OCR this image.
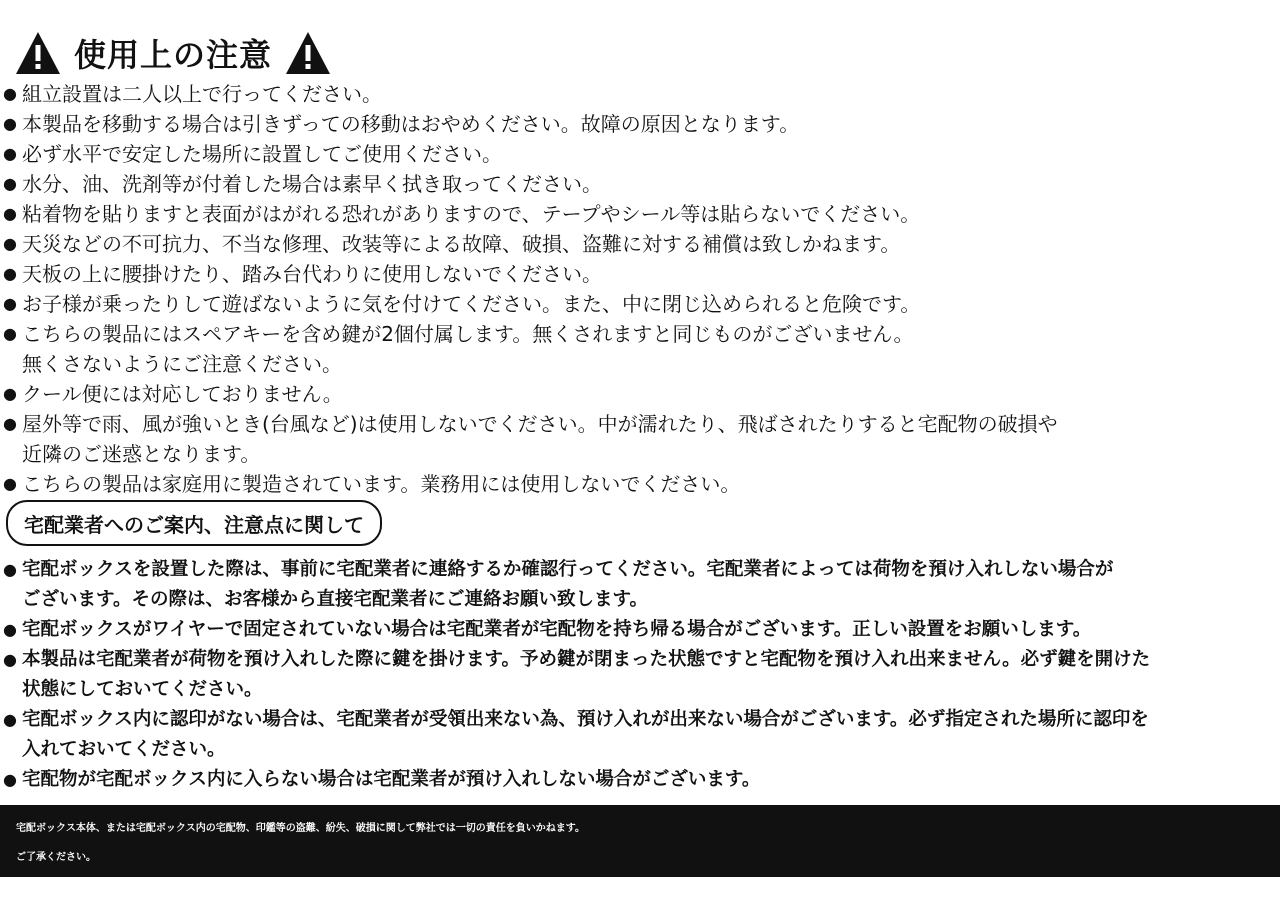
使用上の注意
● 組立設置は二人以上で行ってください。
● 本製品を移動する場合は引きずっての移動はおやめください。故障の原因となります。
● 必ず水平で安定した場所に設置してご使用ください。
● 水分、油、洗剤等が付着した場合は素早く拭き取ってください。
● 粘着物を貼りますと表面がはがれる恐れがありますので、テープやシール等は貼らないでください。
● 天災などの不可抗力、不当な修理、改装等による故障、破損、盗難に対する補償は致しかねます。
● 天板の上に腰掛けたり、踏み台代わりに使用しないでください。
● お子様が乗ったりして遊ばないように気を付けてください。また、中に閉じ込められると危険です。
● こちらの製品にはスペアキーを含め鍵が2個付属します。無くされますと同じものがございません。
無くさないようにご注意ください。
● クール便には対応しておりません。
● 屋外等で雨、風が強いとき(台風など)は使用しないでください。中が濡れたり、飛ばされたりすると宅配物の破損や
近隣のご迷惑となります。
● こちらの製品は家庭用に製造されています。業務用には使用しないでください。
宅配業者へのご案内、注意点に関して
● 宅配ボックスを設置した際は、事前に宅配業者に連絡するか確認行ってください。宅配業者によっては荷物を預け入れしない場合が
ございます。その際は、お客様から直接宅配業者にご連絡お願い致します。
● 宅配ボックスがワイヤーで固定されていない場合は宅配業者が宅配物を持ち帰る場合がございます。正しい設置をお願いします。
● 本製品は宅配業者が荷物を預け入れした際に鍵を掛けます。予め鍵が閉まった状態ですと宅配物を預け入れ出来ません。必ず鍵を開けた
状態にしておいてください。
● 宅配ボックス内に認印がない場合は、宅配業者が受領出来ない為、預け入れが出来ない場合がございます。必ず指定された場所に認印を
入れておいてください。
● 宅配物が宅配ボックス内に入らない場合は宅配業者が預け入れしない場合がございます。
宅配ボックス本体、または宅配ボックス内の宅配物、印鑑等の盗難、紛失、破損に関して弊社では一切の責任を負いかねます。
ご了承ください。
